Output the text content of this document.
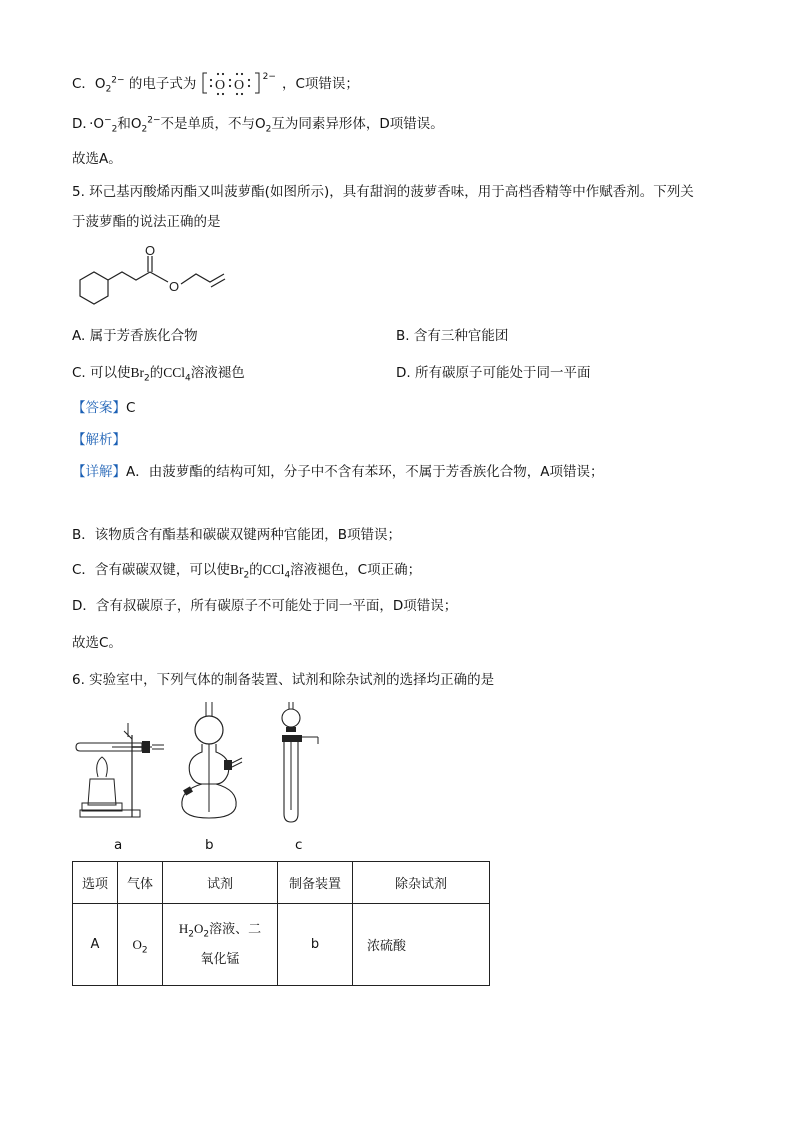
C．$O_2^{2-}$ 的电子式为 O O
$^{2-}$ ，C项错误；
D．$\cdot O^-_2$和$O_2^{2-}$不是单质，不与$O_2$互为同素异形体，D项错误。
故选A。
5. 环己基丙酸烯丙酯又叫菠萝酯(如图所示)，具有甜润的菠萝香味，用于高档香精等中作赋香剂。下列关
于菠萝酯的说法正确的是
O
O
A. 属于芳香族化合物	B. 含有三种官能团
C. 可以使$Br_2$的CCl$_4$溶液褪色	D. 所有碳原子可能处于同一平面
【答案】C
【解析】
【详解】A．由菠萝酯的结构可知，分子中不含有苯环，不属于芳香族化合物，A项错误；
B．该物质含有酯基和碳碳双键两种官能团，B项错误；
C．含有碳碳双键，可以使$Br_2$的CCl$_4$溶液褪色，C项正确；
D．含有叔碳原子，所有碳原子不可能处于同一平面，D项错误；
故选C。
6. 实验室中，下列气体的制备装置、试剂和除杂试剂的选择均正确的是
a	b	c
选项	气体	试剂	制备装置	除杂试剂
A	$O_2$	$H_2O_2$溶液、二
氧化锰	b	浓硫酸
